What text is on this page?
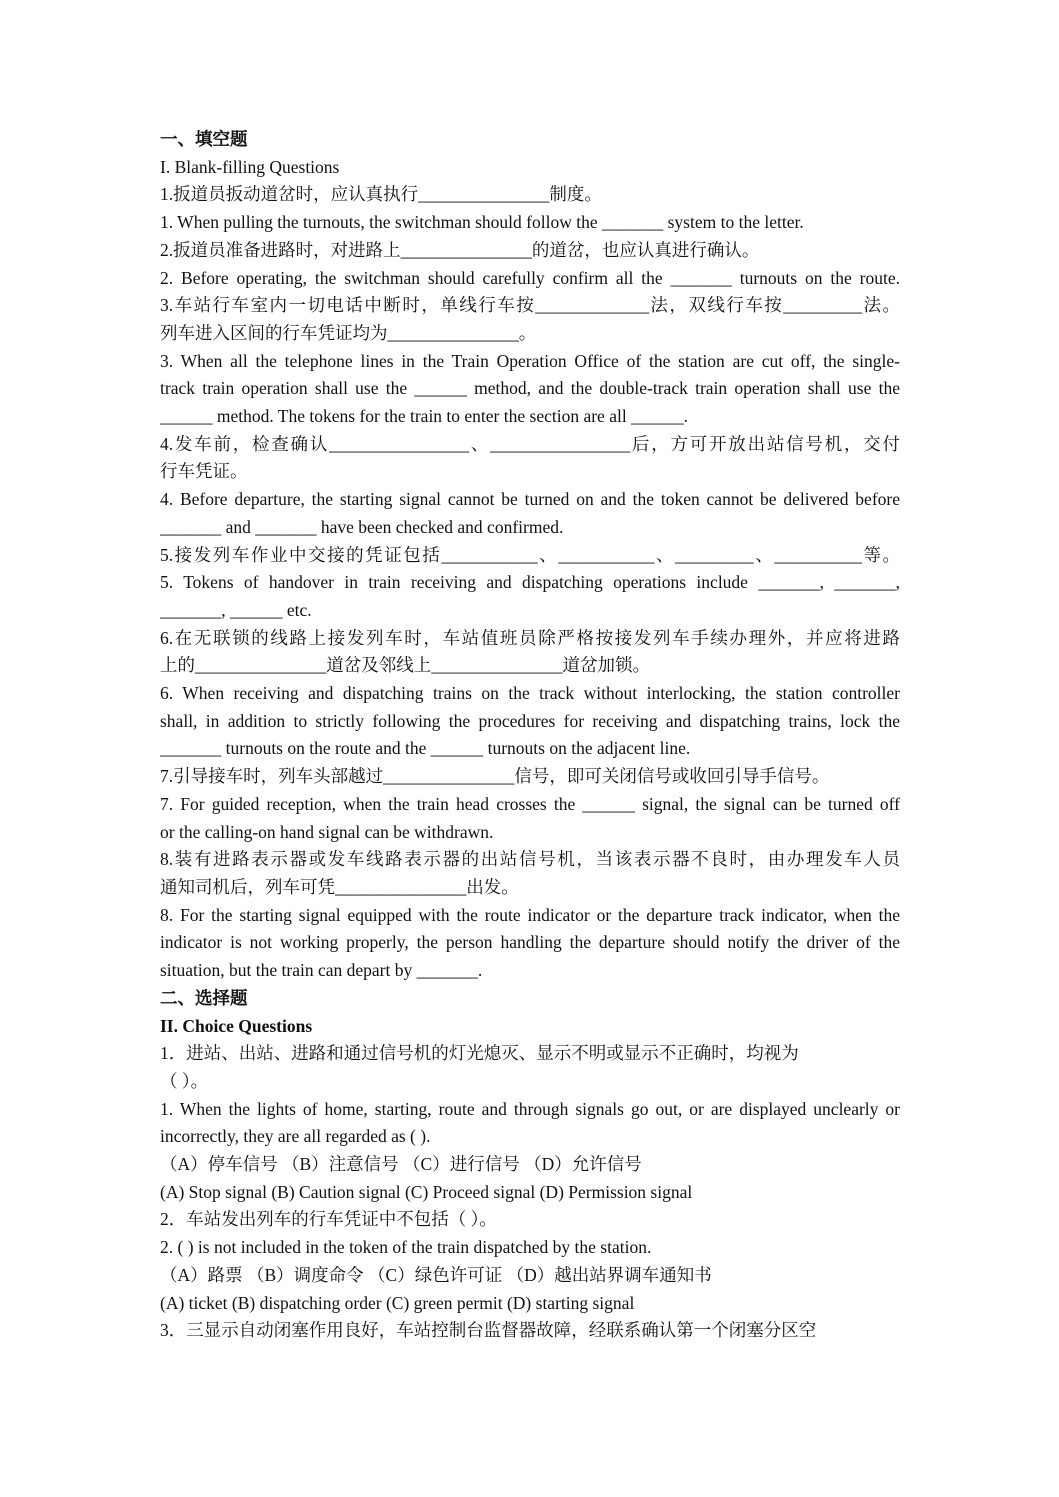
一、填空题
I. Blank-filling Questions
1.扳道员扳动道岔时，应认真执行_______________制度。
1. When pulling the turnouts, the switchman should follow the _______ system to the letter.
2.扳道员准备进路时，对进路上_______________的道岔，也应认真进行确认。
2. Before operating, the switchman should carefully confirm all the _______ turnouts on the route.
3.车站行车室内一切电话中断时，单线行车按_____________法，双线行车按_________法。
列车进入区间的行车凭证均为_______________。
3. When all the telephone lines in the Train Operation Office of the station are cut off, the single-
track train operation shall use the ______ method, and the double-track train operation shall use the
______ method. The tokens for the train to enter the section are all ______.
4.发车前，检查确认________________、________________后，方可开放出站信号机，交付
行车凭证。
4. Before departure, the starting signal cannot be turned on and the token cannot be delivered before
_______ and _______ have been checked and confirmed.
5.接发列车作业中交接的凭证包括___________、___________、_________、__________等。
5. Tokens of handover in train receiving and dispatching operations include _______, _______,
_______, ______ etc.
6.在无联锁的线路上接发列车时，车站值班员除严格按接发列车手续办理外，并应将进路
上的_______________道岔及邻线上_______________道岔加锁。
6. When receiving and dispatching trains on the track without interlocking, the station controller
shall, in addition to strictly following the procedures for receiving and dispatching trains, lock the
_______ turnouts on the route and the ______ turnouts on the adjacent line.
7.引导接车时，列车头部越过_______________信号，即可关闭信号或收回引导手信号。
7. For guided reception, when the train head crosses the ______ signal, the signal can be turned off
or the calling-on hand signal can be withdrawn.
8.装有进路表示器或发车线路表示器的出站信号机，当该表示器不良时，由办理发车人员
通知司机后，列车可凭_______________出发。
8. For the starting signal equipped with the route indicator or the departure track indicator, when the
indicator is not working properly, the person handling the departure should notify the driver of the
situation, but the train can depart by _______.
二、选择题
II. Choice Questions
1．进站、出站、进路和通过信号机的灯光熄灭、显示不明或显示不正确时，均视为
（ ）。
1. When the lights of home, starting, route and through signals go out, or are displayed unclearly or
incorrectly, they are all regarded as ( ).
（A）停车信号 （B）注意信号 （C）进行信号 （D）允许信号
(A) Stop signal (B) Caution signal (C) Proceed signal (D) Permission signal
2．车站发出列车的行车凭证中不包括（ ）。
2. ( ) is not included in the token of the train dispatched by the station.
（A）路票 （B）调度命令 （C）绿色许可证 （D）越出站界调车通知书
(A) ticket (B) dispatching order (C) green permit (D) starting signal
3．三显示自动闭塞作用良好，车站控制台监督器故障，经联系确认第一个闭塞分区空
